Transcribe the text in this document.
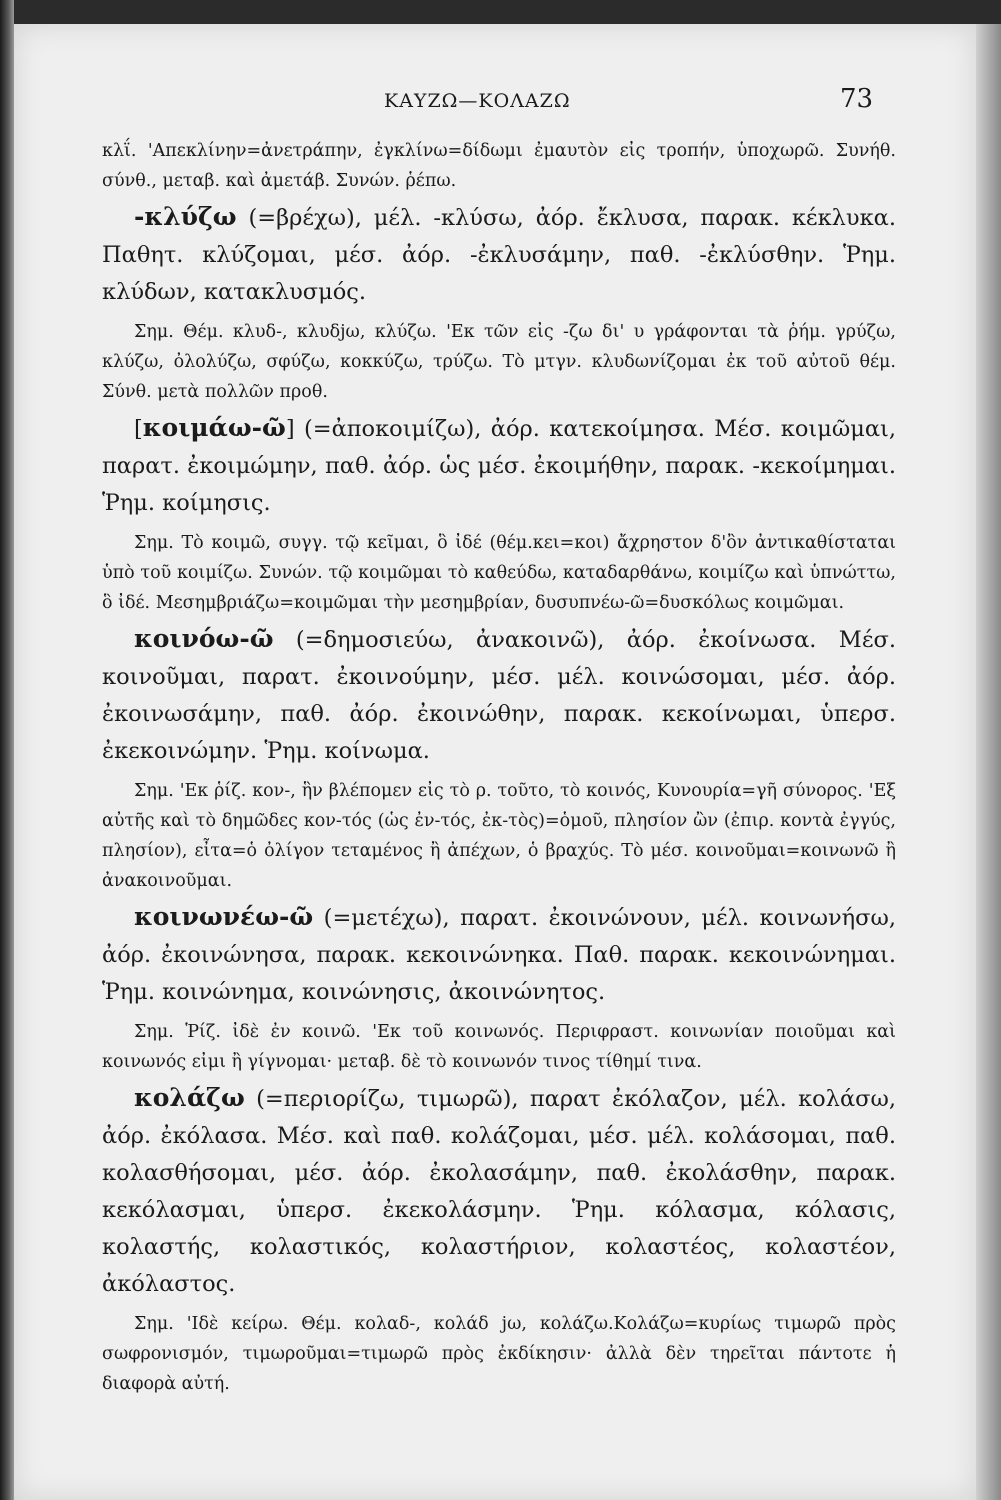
ΚΑΥΖΩ—ΚΟΛΑΖΩ	73

κλΐ. 'Απεκλίνην=ἀνετράπην, ἐγκλίνω=δίδωμι ἐμαυτὸν εἰς τροπήν, ὑποχωρῶ. Συνήθ. σύνθ., μεταβ. καὶ ἀμετάβ. Συνών. ῥέπω.

-κλύζω (=βρέχω), μέλ. -κλύσω, ἀόρ. ἔκλυσα, παρακ. κέκλυκα. Παθητ. κλύζομαι, μέσ. ἀόρ. -ἐκλυσάμην, παθ. -ἐκλύσθην. Ῥημ. κλύδων, κατακλυσμός.

Σημ. Θέμ. κλυδ-, κλυδjω, κλύζω. 'Εκ τῶν εἰς -ζω δι' υ γράφονται τὰ ῥήμ. γρύζω, κλύζω, ὀλολύζω, σφύζω, κοκκύζω, τρύζω. Τὸ μτγν. κλυδωνίζομαι ἐκ τοῦ αὐτοῦ θέμ. Σύνθ. μετὰ πολλῶν προθ.

[κοιμάω-ῶ] (=ἀποκοιμίζω), ἀόρ. κατεκοίμησα. Μέσ. κοιμῶμαι, παρατ. ἐκοιμώμην, παθ. ἀόρ. ὡς μέσ. ἐκοιμήθην, παρακ. -κεκοίμημαι. Ῥημ. κοίμησις.

Σημ. Τὸ κοιμῶ, συγγ. τῷ κεῖμαι, ὃ ἰδέ (θέμ.κει=κοι) ἄχρηστον δ'ὂν ἀντικαθίσταται ὑπὸ τοῦ κοιμίζω. Συνών. τῷ κοιμῶμαι τὸ καθεύδω, καταδαρθάνω, κοιμίζω καὶ ὑπνώττω, ὃ ἰδέ. Μεσημβριάζω=κοιμῶμαι τὴν μεσημβρίαν, δυσυπνέω-ῶ=δυσκόλως κοιμῶμαι.

κοινόω-ῶ (=δημοσιεύω, ἀνακοινῶ), ἀόρ. ἐκοίνωσα. Μέσ. κοινοῦμαι, παρατ. ἐκοινούμην, μέσ. μέλ. κοινώσομαι, μέσ. ἀόρ. ἐκοινωσάμην, παθ. ἀόρ. ἐκοινώθην, παρακ. κεκοίνωμαι, ὑπερσ. ἐκεκοινώμην. Ῥημ. κοίνωμα.

Σημ. 'Εκ ῥίζ. κον-, ἣν βλέπομεν εἰς τὸ ρ. τοῦτο, τὸ κοινός, Κυνουρία=γῆ σύνορος. 'Εξ αὐτῆς καὶ τὸ δημῶδες κον-τός (ὡς ἐν-τός, ἐκ-τὸς)=ὁμοῦ, πλησίον ὢν (ἐπιρ. κοντὰ ἐγγύς, πλησίον), εἶτα=ὁ ὀλίγον τεταμένος ἢ ἀπέχων, ὁ βραχύς. Τὸ μέσ. κοινοῦμαι=κοινωνῶ ἢ ἀνακοινοῦμαι.

κοινωνέω-ῶ (=μετέχω), παρατ. ἐκοινώνουν, μέλ. κοινωνήσω, ἀόρ. ἐκοινώνησα, παρακ. κεκοινώνηκα. Παθ. παρακ. κεκοινώνημαι. Ῥημ. κοινώνημα, κοινώνησις, ἀκοινώνητος.

Σημ. Ῥίζ. ἰδὲ ἐν κοινῶ. 'Εκ τοῦ κοινωνός. Περιφραστ. κοινωνίαν ποιοῦμαι καὶ κοινωνός εἰμι ἢ γίγνομαι· μεταβ. δὲ τὸ κοινωνόν τινος τίθημί τινα.

κολάζω (=περιορίζω, τιμωρῶ), παρατ ἐκόλαζον, μέλ. κολάσω, ἀόρ. ἐκόλασα. Μέσ. καὶ παθ. κολάζομαι, μέσ. μέλ. κολάσομαι, παθ. κολασθήσομαι, μέσ. ἀόρ. ἐκολασάμην, παθ. ἐκολάσθην, παρακ. κεκόλασμαι, ὑπερσ. ἐκεκολάσμην. Ῥημ. κόλασμα, κόλασις, κολαστής, κολαστικός, κολαστήριον, κολαστέος, κολαστέον, ἀκόλαστος.

Σημ. 'Ιδὲ κείρω. Θέμ. κολαδ-, κολάδ jω, κολάζω.Κολάζω=κυρίως τιμωρῶ πρὸς σωφρονισμόν, τιμωροῦμαι=τιμωρῶ πρὸς ἐκδίκησιν· ἀλλὰ δὲν τηρεῖται πάντοτε ἡ διαφορὰ αὐτή.
